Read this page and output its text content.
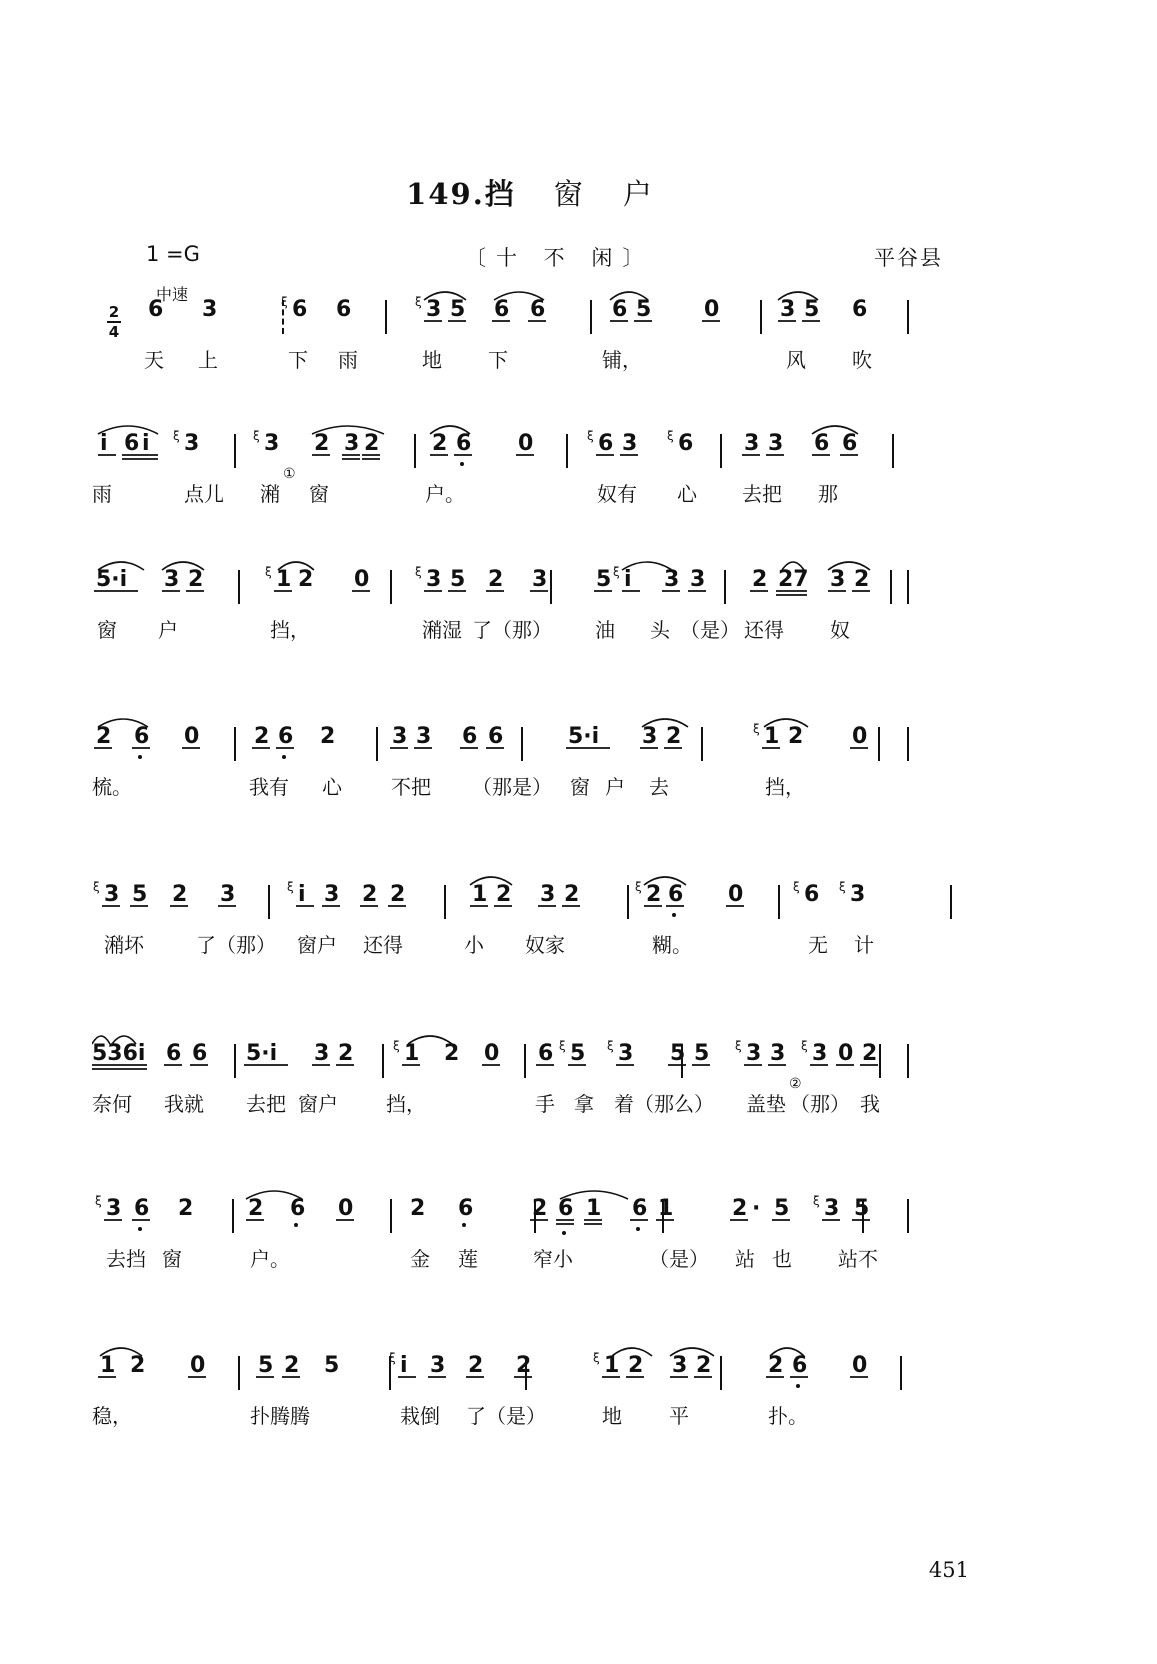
149.挡 窗 户
1 =G	〔十 不 闲〕	平谷县
中速
2
4
6 3	6
ξ 6	3
ξ 5 6 6	6 5 0	3 5 6
天 上	下 雨	地 下	铺，	风 吹
i 6 i 3
ξ	3
ξ 2 3 2 2 6 0	6
ξ 3 6
ξ	3 3 6 6
雨	点儿 潲 窗	户。	奴有 心 去把 那
①
5·i 3 2	1
ξ 2 0	3
ξ 5 2 3 5 i
ξ 3 3 2 27 3 2
窗 户	挡，	潲湿 了（那） 油 头 （是） 还得 奴
2 6 0 2 6 2	3 3 6 6	5·i 3 2	1
ξ 2 0
梳。	我有 心 不把 （那是） 窗 户 去	挡，
3
ξ 5 2 3	i
ξ 3 2 2	1 2 3 2	2
ξ 6 0	6
ξ 3
ξ
潲坏	了（那） 窗户 还得	小 奴家	糊。	无 计
536i 6 6 5·i 3 2 1
ξ 2 0 6 5
ξ 3
ξ	5 5 3
ξ 3 3
ξ 0 2
奈何 我就 去把 窗户 挡，	手 拿 着（那么） 盖垫 （那） 我
②
3
ξ 6 2 2 6 0	2 6	2 6 1 6 1	2 · 5 3
ξ 5
去挡 窗	户。	金 莲	窄小	（是） 站 也 站不
1 2 0 5 2 5	i
ξ 3 2 2	1
ξ 2 3 2	2 6 0
稳，	扑腾腾	栽倒 了（是）	地 平	扑。
451
